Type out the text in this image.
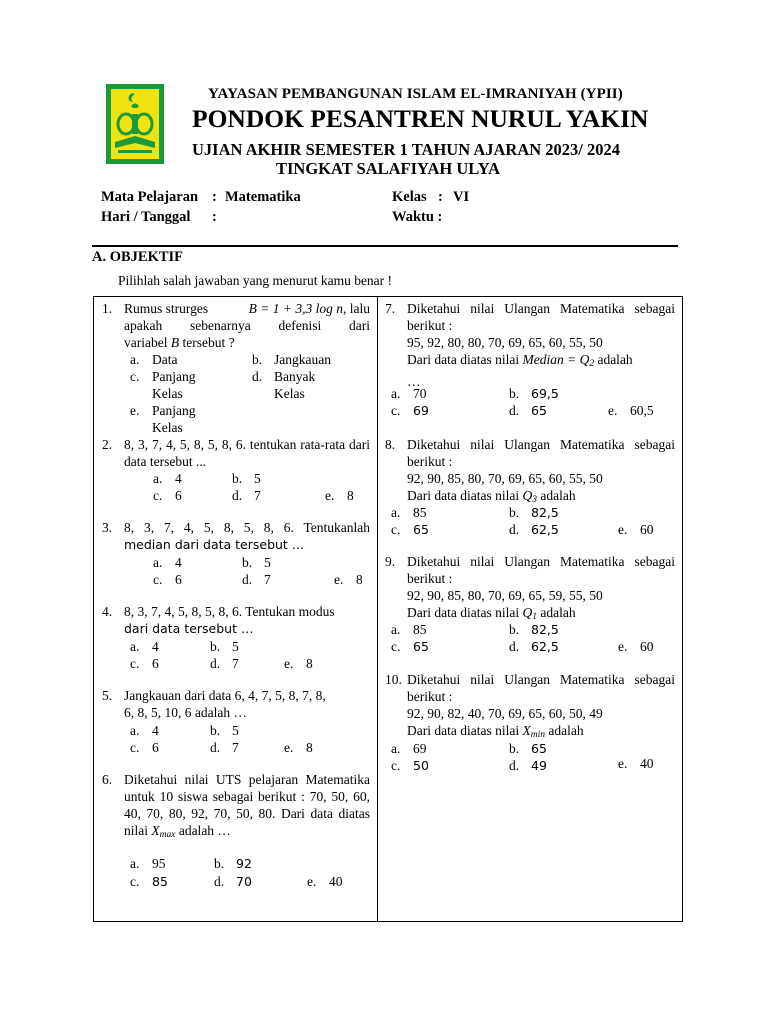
YAYASAN PEMBANGUNAN ISLAM EL-IMRANIYAH (YPII)
PONDOK PESANTREN NURUL YAKIN
UJIAN AKHIR SEMESTER 1 TAHUN AJARAN 2023/ 2024
TINGKAT SALAFIYAH ULYA
Mata Pelajaran : Matematika
Hari / Tanggal :
Kelas : VI
Waktu :
A. OBJEKTIF
Pilihlah salah jawaban yang menurut kamu benar !
1. Rumus strurges	B = 1 + 3,3 log n, lalu
apakah sebenarnya defenisi dari
variabel B tersebut ?
a. Data	b. Jangkauan
c. Panjang
Kelas
d. Banyak
Kelas
e. Panjang
Kelas
2. 8, 3, 7, 4, 5, 8, 5, 8, 6. tentukan rata-rata dari data tersebut ...
a. 4	b. 5
c. 6	d. 7	e. 8
3. 8, 3, 7, 4, 5, 8, 5, 8, 6. Tentukanlah
median dari data tersebut …
a. 4	b. 5
c. 6	d. 7	e. 8
4. 8, 3, 7, 4, 5, 8, 5, 8, 6. Tentukan modus
dari data tersebut …
a. 4	b. 5
c. 6	d. 7	e. 8
5. Jangkauan dari data 6, 4, 7, 5, 8, 7, 8,
6, 8, 5, 10, 6 adalah …
a. 4	b. 5
c. 6	d. 7	e. 8
6. Diketahui nilai UTS pelajaran Matematika untuk 10 siswa sebagai berikut : 70, 50, 60, 40, 70, 80, 92, 70, 50, 80. Dari data diatas nilai $X_{max}$ adalah …
a. 95	b. 92
c. 85	d. 70	e. 40
7. Diketahui nilai Ulangan Matematika sebagai berikut :
95, 92, 80, 80, 70, 69, 65, 60, 55, 50
Dari data diatas nilai Median = $Q_2$ adalah
…
a. 70	b. 69,5
c. 69	d. 65	e. 60,5
8. Diketahui nilai Ulangan Matematika sebagai berikut :
92, 90, 85, 80, 70, 69, 65, 60, 55, 50
Dari data diatas nilai $Q_3$ adalah
a. 85	b. 82,5
c. 65	d. 62,5	e. 60
9. Diketahui nilai Ulangan Matematika sebagai berikut :
92, 90, 85, 80, 70, 69, 65, 59, 55, 50
Dari data diatas nilai $Q_1$ adalah
a. 85	b. 82,5
c. 65	d. 62,5	e. 60
10. Diketahui nilai Ulangan Matematika sebagai berikut :
92, 90, 82, 40, 70, 69, 65, 60, 50, 49
Dari data diatas nilai $X_{min}$ adalah
a. 69	b. 65
c. 50	d. 49	e. 40
